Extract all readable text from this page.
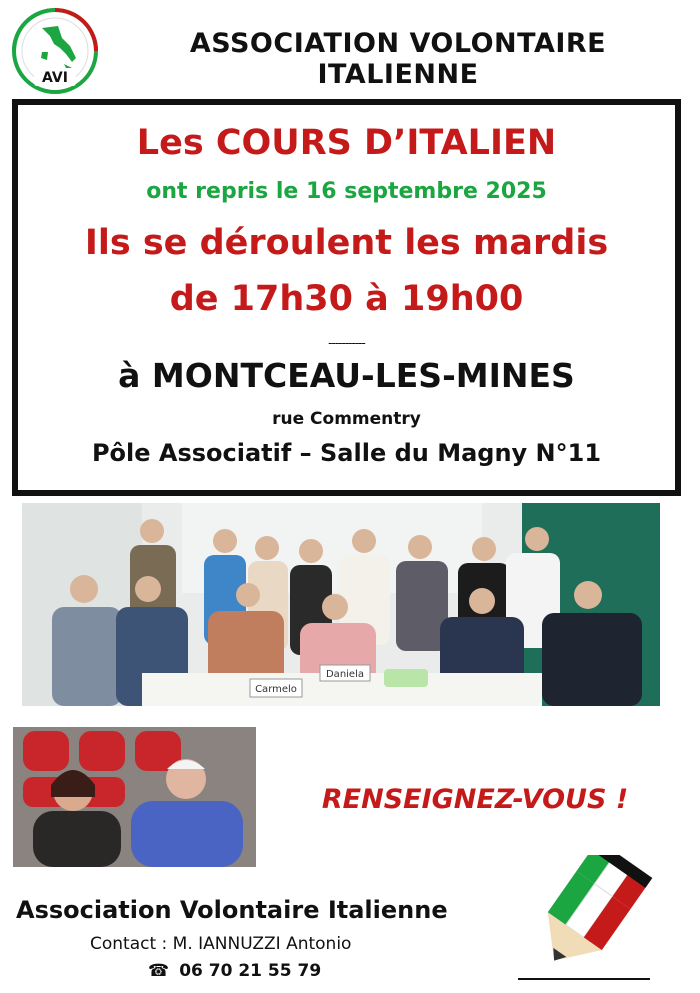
AVI
ASSOCIATION VOLONTAIRE ITALIENNE
Les COURS D’ITALIEN
ont repris le 16 septembre 2025
Ils se déroulent les mardis
de 17h30 à 19h00
-----------
à MONTCEAU-LES-MINES
rue Commentry
Pôle Associatif – Salle du Magny N°11
Carmelo
Daniela
RENSEIGNEZ-VOUS !
Association Volontaire Italienne
Contact : M. IANNUZZI Antonio
☎ 06 70 21 55 79
